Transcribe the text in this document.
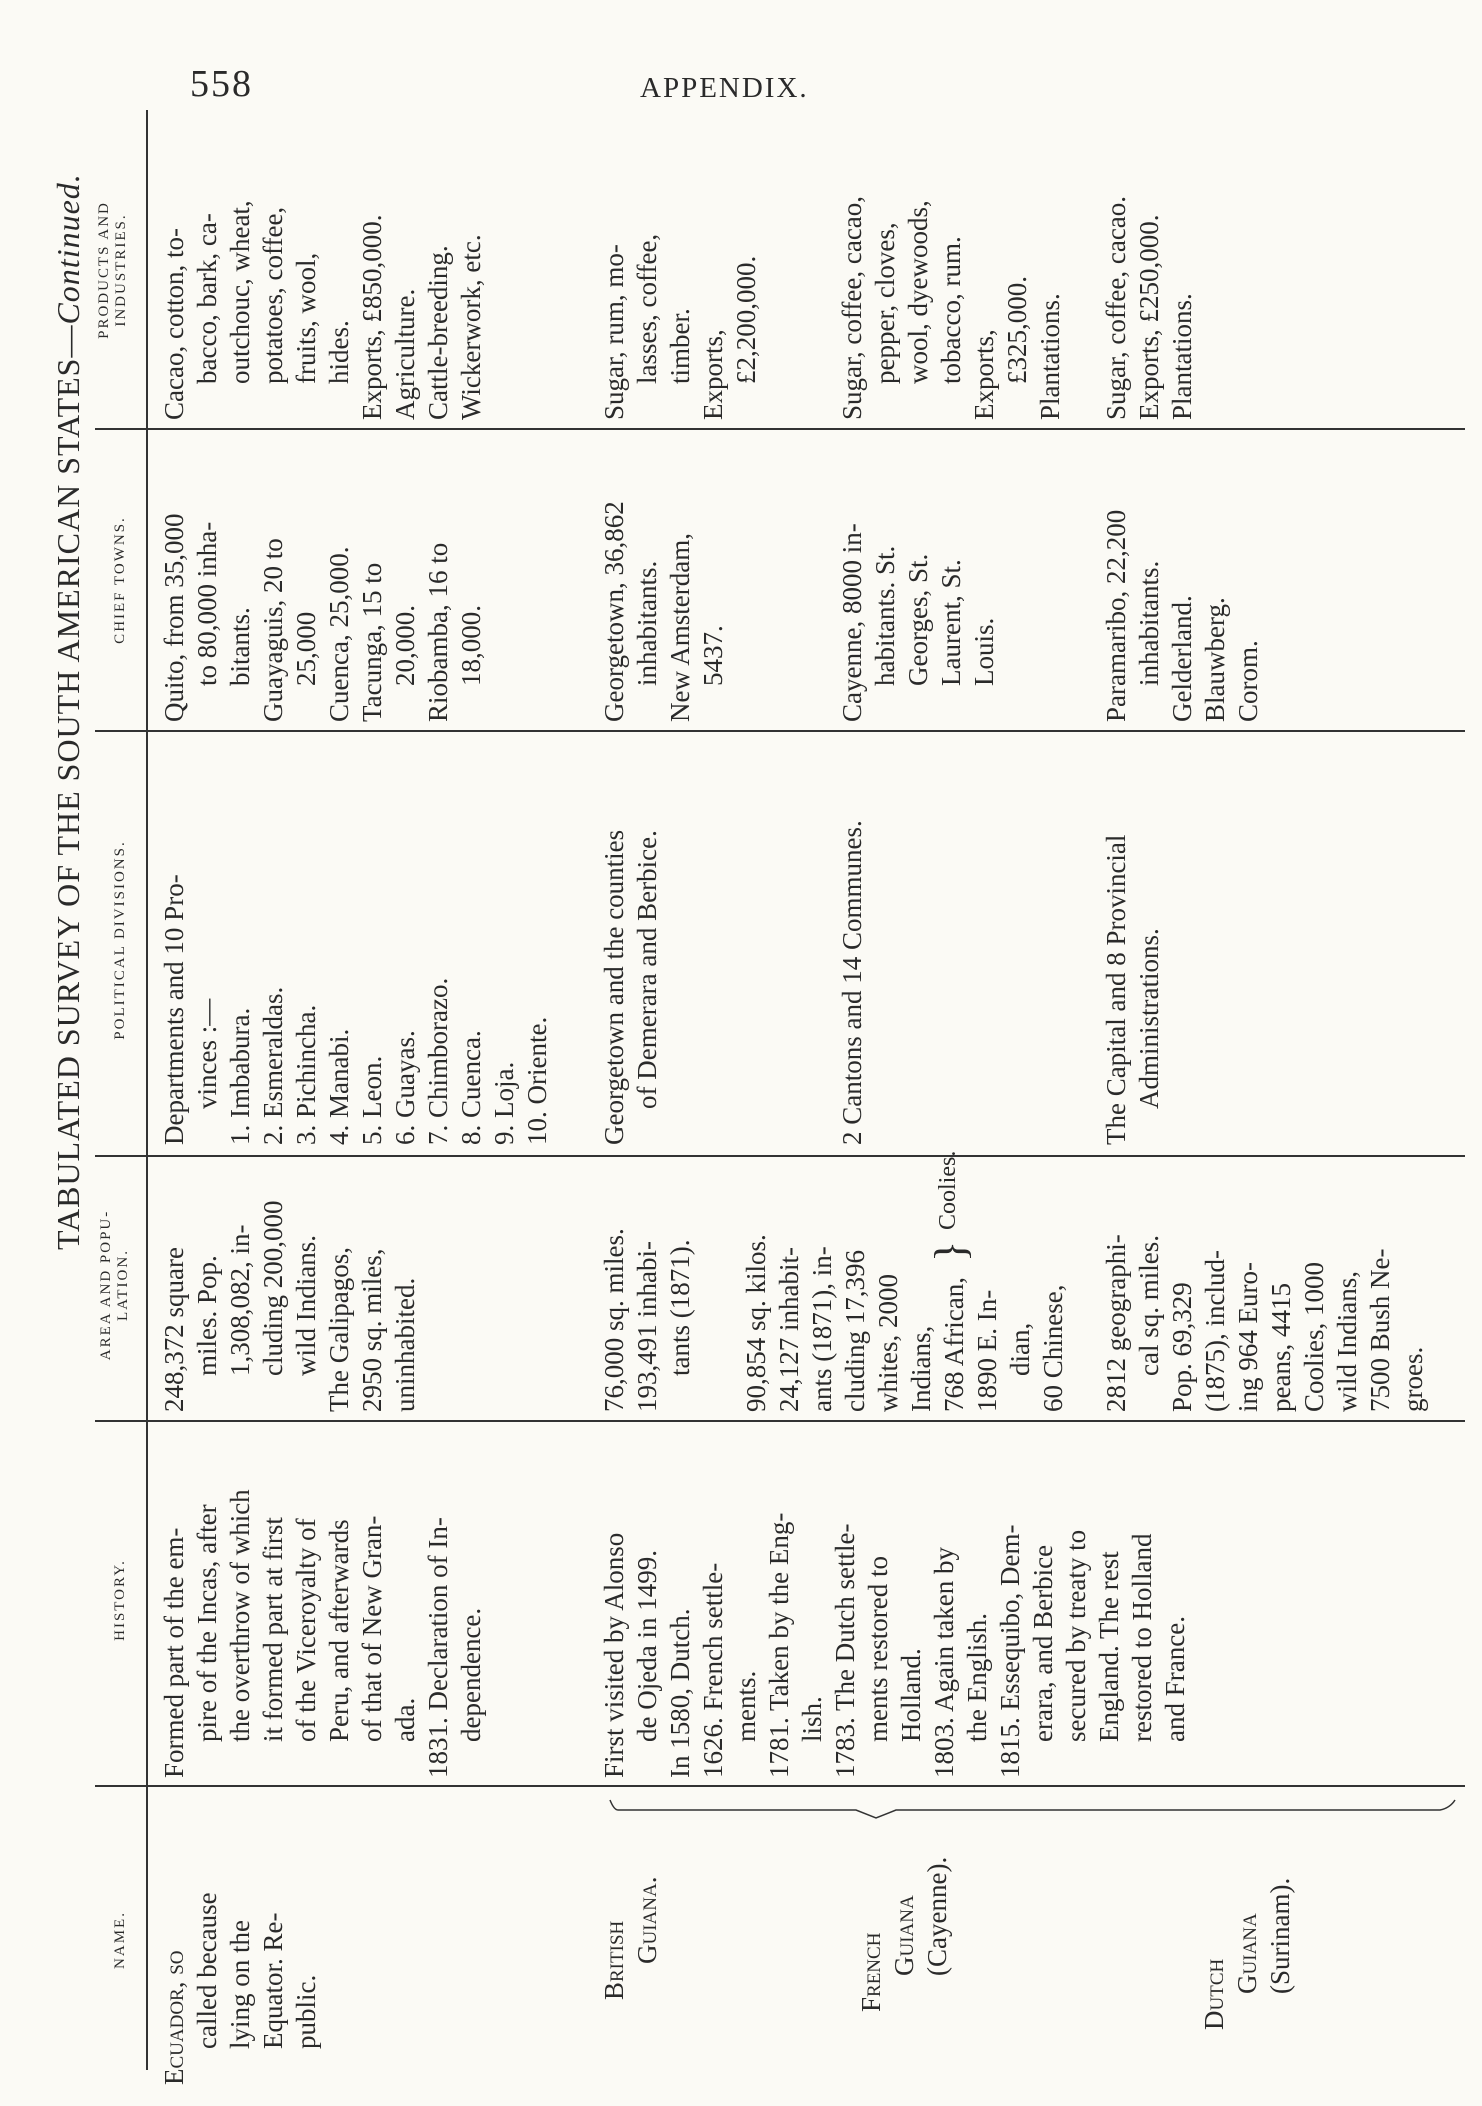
558	APPENDIX.
TABULATED SURVEY OF THE SOUTH AMERICAN STATES—Continued. PRODUCTS AND INDUSTRIES.
CHIEF TOWNS.
POLITICAL DIVISIONS.
AREA AND POPU- LATION.
HISTORY.
NAME.
Cacao, cotton, to- bacco, bark, ca- outchouc, wheat, potatoes, coffee, fruits, wool, hides. Exports, £850,000. Agriculture. Cattle-breeding. Wickerwork, etc.
Quito, from 35,000 to 80,000 inha- bitants. Guayaguis, 20 to 25,000 Cuenca, 25,000. Tacunga, 15 to 20,000. Riobamba, 16 to 18,000.
Departments and 10 Pro- vinces :— 1. Imbabura. 2. Esmeraldas. 3. Pichincha. 4. Manabi. 5. Leon. 6. Guayas. 7. Chimborazo. 8. Cuenca. 9. Loja. 10. Oriente.
248,372 square miles. Pop. 1,308,082, in- cluding 200,000 wild Indians. The Galipagos, 2950 sq. miles, uninhabited.
Formed part of the em- pire of the Incas, after the overthrow of which it formed part at first of the Viceroyalty of Peru, and afterwards of that of New Gran- ada. 1831. Declaration of In- dependence.
Ecuador, so called because lying on the Equator. Re- public.
Sugar, rum, mo- lasses, coffee, timber. Exports, £2,200,000.
Georgetown, 36,862 inhabitants. New Amsterdam, 5437.
Georgetown and the counties of Demerara and Berbice.
76,000 sq. miles. 193,491 inhabi- tants (1871).
First visited by Alonso de Ojeda in 1499. In 1580, Dutch. 1626. French settle- ments. 1781. Taken by the Eng- lish. 1783. The Dutch settle- ments restored to Holland. 1803. Again taken by the English. 1815. Essequibo, Dem- erara, and Berbice secured by treaty to England. The rest restored to Holland and France.
British Guiana.
Sugar, coffee, cacao, pepper, cloves, wool, dyewoods, tobacco, rum. Exports, £325,000. Plantations.
Cayenne, 8000 in- habitants. St. Georges, St. Laurent, St. Louis.
2 Cantons and 14 Communes.
90,854 sq. kilos. 24,127 inhabit- ants (1871), in- cluding 17,396 whites, 2000 Indians, 768 African, 1890 E. In- dian, 60 Chinese,
Coolies.
}
French Guiana (Cayenne).
Sugar, coffee, cacao. Exports, £250,000. Plantations.
Paramaribo, 22,200 inhabitants. Gelderland. Blauwberg. Corom.
The Capital and 8 Provincial Administrations.
2812 geographi- cal sq. miles. Pop. 69,329 (1875), includ- ing 964 Euro- peans, 4415 Coolies, 1000 wild Indians, 7500 Bush Ne- groes.
Dutch
Guiana (Surinam).
